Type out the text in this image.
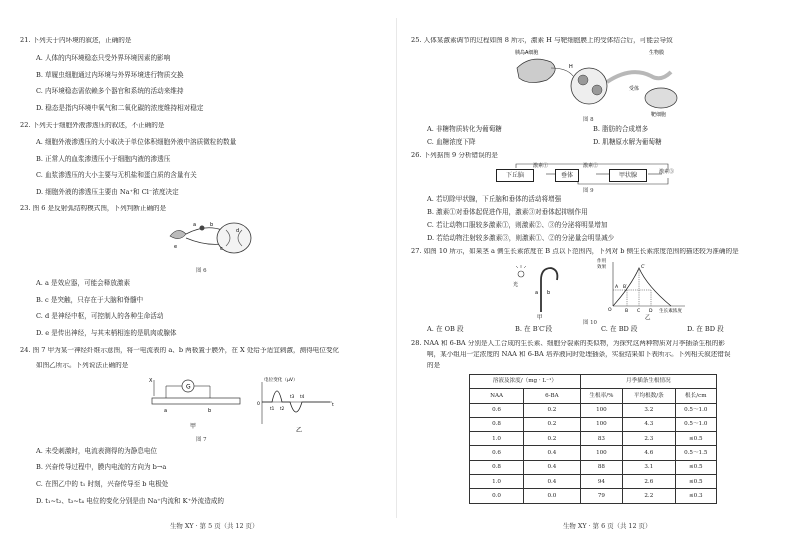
21. 下列关于内环境的叙述，正确的是
A. 人体的内环境稳态只受外界环境因素的影响
B. 草履虫细胞通过内环境与外界环境进行物质交换
C. 内环境稳态需依赖多个器官和系统的活动来维持
D. 稳态是指内环境中氧气和二氧化碳的浓度维持相对稳定
22. 下列关于细胞外液渗透压的叙述，不正确的是
A. 细胞外液渗透压的大小取决于单位体积细胞外液中溶质微粒的数量
B. 正常人的血浆渗透压小于细胞内液的渗透压
C. 血浆渗透压的大小主要与无机盐和蛋白质的含量有关
D. 细胞外液的渗透压主要由 Na⁺和 Cl⁻浓度决定
23. 图 6 是反射弧结构模式图，下列判断正确的是
a	b
c
d
e
图 6
A. a 是效应器，可能会释放激素
B. c 是突触，只存在于大脑和脊髓中
C. d 是神经中枢，可控制人的各种生命活动
D. e 是传出神经，与其末梢相连的是肌肉或腺体
24. 图 7 甲为某一神经纤维示意图，将一电流表的 a、b 两极置于膜外，在 X 处给予适宜刺激，测得电位变化
如图乙所示。下列说法正确的是
G
X
a	b
甲
电位变化（μV）
0
t1 t2
t3 t4
t
乙
图 7
A. 未受刺激时，电流表测得的为静息电位
B. 兴奋传导过程中，膜内电流的方向为 b→a
C. 在图乙中的 t₁ 时刻，兴奋传导至 b 电极处
D. t₁~t₂、t₃~t₄ 电位的变化分别是由 Na⁺内流和 K⁺外流造成的
生物 XY · 第 5 页（共 12 页）
25. 人体某激素调节的过程如图 8 所示，激素 H 与靶细胞膜上的受体结合后，可能会导致
胰岛A细胞
H
生物膜
受体
靶细胞
图 8
A. 非糖物质转化为葡萄糖	B. 脂肪的合成增多
C. 血糖浓度下降	D. 肌糖原水解为葡萄糖
26. 下列据图 9 分析错误的是
下丘脑	垂体	甲状腺
激素①	激素②
激素③
图 9
A. 若切除甲状腺，下丘脑和垂体的活动将增强
B. 激素①对垂体起促进作用，激素③对垂体起抑制作用
C. 若让动物口服较多激素①，则激素②、③的分泌将明显增加
D. 若给动物注射较多激素③，则激素①、②的分泌量会明显减少
27. 如图 10 所示，如果茎 a 侧生长素浓度在 B 点以下范围内，下列对 b 侧生长素浓度范围的描述较为准确的是
光
a b
甲
作用
效果
O
A B′
C′
B C D 生长素浓度
乙
图 10
A. 在 OB 段	B. 在 B′C′段	C. 在 BD 段	D. 在 BD 段
28. NAA 和 6-BA 分别是人工合成的生长素、细胞分裂素的类似物，为探究这两种物质对月季插条生根的影
响，某小组用一定浓度的 NAA 和 6-BA 培养液同时处理插条，实验结果如下表所示。下列相关叙述错误
的是
溶液及浓度/（mg · L⁻¹）		月季插条生根情况		
NAA	6-BA	生根率/%	平均根数/条	根长/cm
0.6	0.2	100	3.2	0.5～1.0
0.8	0.2	100	4.3	0.5～1.0
1.0	0.2	83	2.3	≤0.5
0.6	0.4	100	4.6	0.5～1.5
0.8	0.4	88	3.1	≤0.5
1.0	0.4	94	2.6	≤0.5
0.0	0.0	79	2.2	≤0.3
生物 XY · 第 6 页（共 12 页）
